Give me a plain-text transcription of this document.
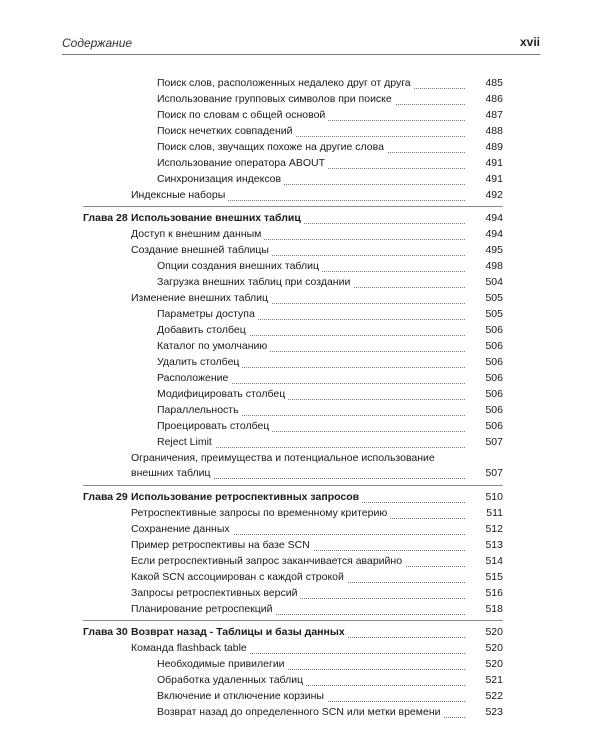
Содержание	xvii
Поиск слов, расположенных недалеко друг от друга	485
Использование групповых символов при поиске	486
Поиск по словам с общей основой	487
Поиск нечетких совпадений	488
Поиск слов, звучащих похоже на другие слова	489
Использование оператора ABOUT	491
Синхронизация индексов	491
Индексные наборы	492
Глава 28 Использование внешних таблиц	494
Доступ к внешним данным	494
Создание внешней таблицы	495
Опции создания внешних таблиц	498
Загрузка внешних таблиц при создании	504
Изменение внешних таблиц	505
Параметры доступа	505
Добавить столбец	506
Каталог по умолчанию	506
Удалить столбец	506
Расположение	506
Модифицировать столбец	506
Параллельность	506
Проецировать столбец	506
Reject Limit	507
Ограничения, преимущества и потенциальное использование
внешних таблиц	507
Глава 29 Использование ретроспективных запросов	510
Ретроспективные запросы по временному критерию	511
Сохранение данных	512
Пример ретроспективы на базе SCN	513
Если ретроспективный запрос заканчивается аварийно	514
Какой SCN ассоциирован с каждой строкой	515
Запросы ретроспективных версий	516
Планирование ретроспекций	518
Глава 30 Возврат назад - Таблицы и базы данных	520
Команда flashback table	520
Необходимые привилегии	520
Обработка удаленных таблиц	521
Включение и отключение корзины	522
Возврат назад до определенного SCN или метки времени	523
